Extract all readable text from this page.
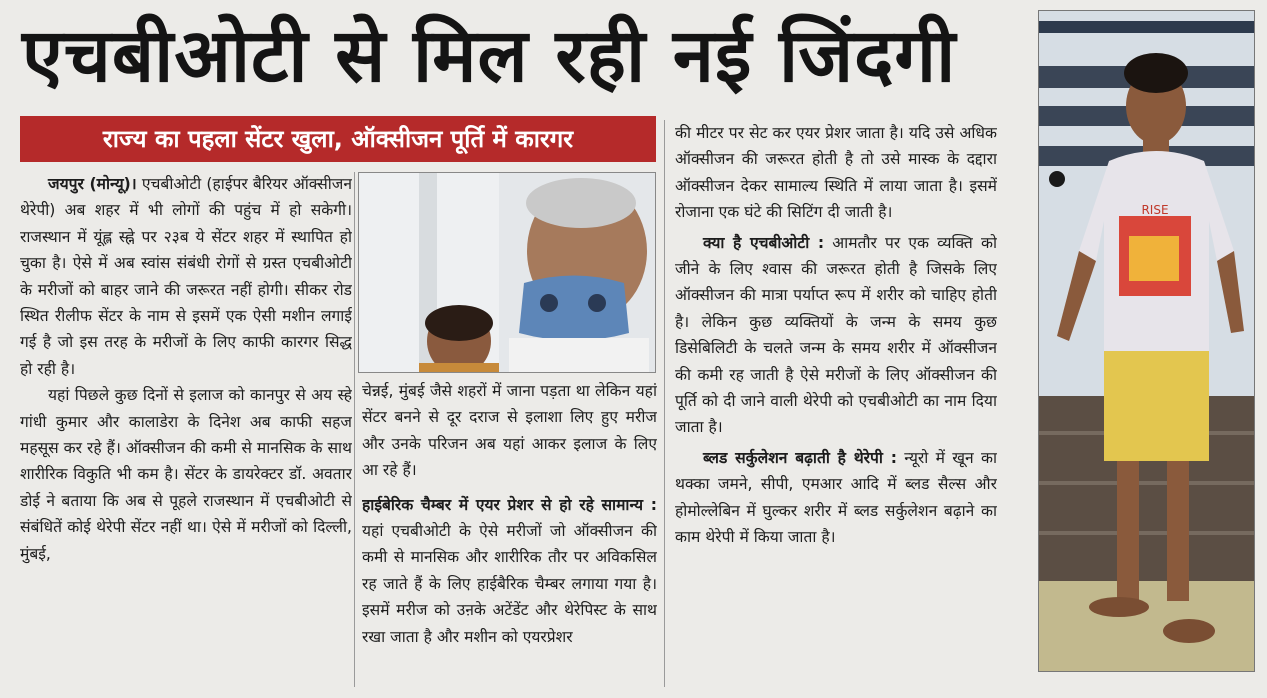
एचबीओटी से मिल रही नई जिंदगी
राज्य का पहला सेंटर खुला, ऑक्सीजन पूर्ति में कारगर

जयपुर (मोन्यू)। एचबीओटी (हाईपर बैरियर ऑक्सीजन थेरेपी) अब शहर में भी लोगों की पहुंच में हो सकेगी। राजस्थान में यूंह्ल स्ह्ने पर २३ब ये सेंटर शहर में स्थापित हो चुका है। ऐसे में अब स्वांस संबंधी रोगों से ग्रस्त एचबीओटी के मरीजों को बाहर जाने की जरूरत नहीं होगी। सीकर रोड स्थित रीलीफ सेंटर के नाम से इसमें एक ऐसी मशीन लगाई गई है जो इस तरह के मरीजों के लिए काफी कारगर सिद्ध हो रही है।

यहां पिछले कुछ दिनों से इलाज को कानपुर से अय स्हे गांधी कुमार और कालाडेरा के दिनेश अब काफी सहज महसूस कर रहे हैं। ऑक्सीजन की कमी से मानसिक के साथ शारीरिक विकुति भी कम है। सेंटर के डायरेक्टर डॉ. अवतार डोई ने बताया कि अब से पूहले राजस्थान में एचबीओटी से संबंधितें कोई थेरेपी सेंटर नहीं था। ऐसे में मरीजों को दिल्ली, मुंबई,

चेन्नई, मुंबई जैसे शहरों में जाना पड़ता था लेकिन यहां सेंटर बनने से दूर दराज से इलाशा लिए हुए मरीज और उनके परिजन अब यहां आकर इलाज के लिए आ रहे हैं।

हाईबेरिक चैम्बर में एयर प्रेशर से हो रहे सामान्य : यहां एचबीओटी के ऐसे मरीजों जो ऑक्सीजन की कमी से मानसिक और शारीरिक तौर पर अविकसिल रह जाते हैं के लिए हाईबैरिक चैम्बर लगाया गया है। इसमें मरीज को उऩके अटेंडेंट और थेरेपिस्ट के साथ रखा जाता है और मशीन को एयरप्रेशर

की मीटर पर सेट कर एयर प्रेशर जाता है। यदि उसे अधिक ऑक्सीजन की जरूरत होती है तो उसे मास्क के दद्दारा ऑक्सीजन देकर सामाल्य स्थिति में लाया जाता है। इसमें रोजाना एक घंटे की सिटिंग दी जाती है।

क्या है एचबीओटी : आमतौर पर एक व्यक्ति को जीने के लिए श्वास की जरूरत होती है जिसके लिए ऑक्सीजन की मात्रा पर्याप्त रूप में शरीर को चाहिए होती है। लेकिन कुछ व्यक्तियों के जन्म के समय कुछ डिसेबिलिटी के चलते जन्म के समय शरीर में ऑक्सीजन की कमी रह जाती है ऐसे मरीजों के लिए ऑक्सीजन की पूर्ति को दी जाने वाली थेरेपी को एचबीओटी का नाम दिया जाता है।

ब्लड सर्कुलेशन बढ़ाती है थेरेपी : न्यूरो में खून का थक्का जमने, सीपी, एमआर आदि में ब्लड सैल्स और होमोल्लेबिन में घुल्कर शरीर में ब्लड सर्कुलेशन बढ़ाने का काम थेरेपी में किया जाता है।

RISE
